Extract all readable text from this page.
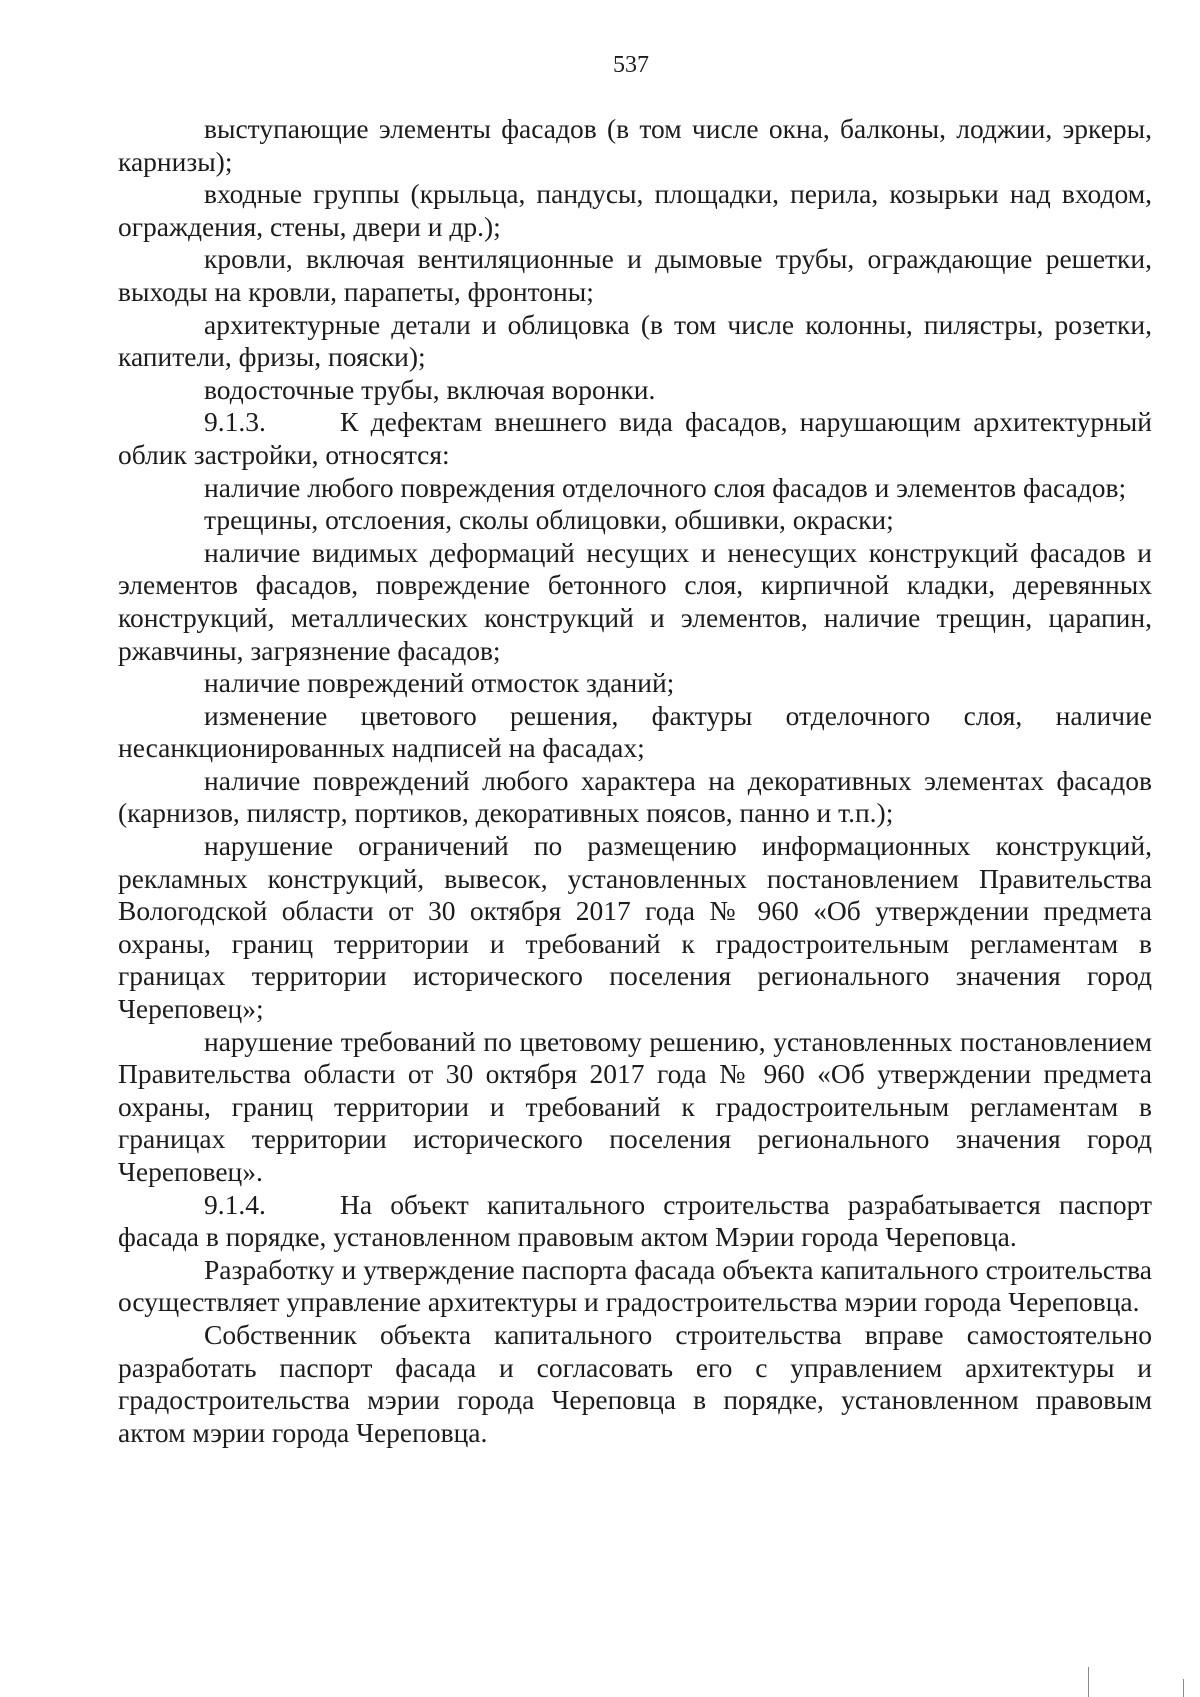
537

выступающие элементы фасадов (в том числе окна, балконы, лоджии, эркеры, карнизы);

входные группы (крыльца, пандусы, площадки, перила, козырьки над входом, ограждения, стены, двери и др.);

кровли, включая вентиляционные и дымовые трубы, ограждающие решетки, выходы на кровли, парапеты, фронтоны;

архитектурные детали и облицовка (в том числе колонны, пилястры, розетки, капители, фризы, пояски);

водосточные трубы, включая воронки.

9.1.3.	К дефектам внешнего вида фасадов, нарушающим архитектурный облик застройки, относятся:

наличие любого повреждения отделочного слоя фасадов и элементов фасадов;

трещины, отслоения, сколы облицовки, обшивки, окраски;

наличие видимых деформаций несущих и ненесущих конструкций фасадов и элементов фасадов, повреждение бетонного слоя, кирпичной кладки, деревянных конструкций, металлических конструкций и элементов, наличие трещин, царапин, ржавчины, загрязнение фасадов;

наличие повреждений отмосток зданий;

изменение цветового решения, фактуры отделочного слоя, наличие несанкционированных надписей на фасадах;

наличие повреждений любого характера на декоративных элементах фасадов (карнизов, пилястр, портиков, декоративных поясов, панно и т.п.);

нарушение ограничений по размещению информационных конструкций, рекламных конструкций, вывесок, установленных постановлением Правительства Вологодской области от 30 октября 2017 года № 960 «Об утверждении предмета охраны, границ территории и требований к градостроительным регламентам в границах территории исторического поселения регионального значения город Череповец»;

нарушение требований по цветовому решению, установленных постановлением Правительства области от 30 октября 2017 года № 960 «Об утверждении предмета охраны, границ территории и требований к градостроительным регламентам в границах территории исторического поселения регионального значения город Череповец».

9.1.4.	На объект капитального строительства разрабатывается паспорт фасада в порядке, установленном правовым актом Мэрии города Череповца.

Разработку и утверждение паспорта фасада объекта капитального строительства осуществляет управление архитектуры и градостроительства мэрии города Череповца.

Собственник объекта капитального строительства вправе самостоятельно разработать паспорт фасада и согласовать его с управлением архитектуры и градостроительства мэрии города Череповца в порядке, установленном правовым актом мэрии города Череповца.
